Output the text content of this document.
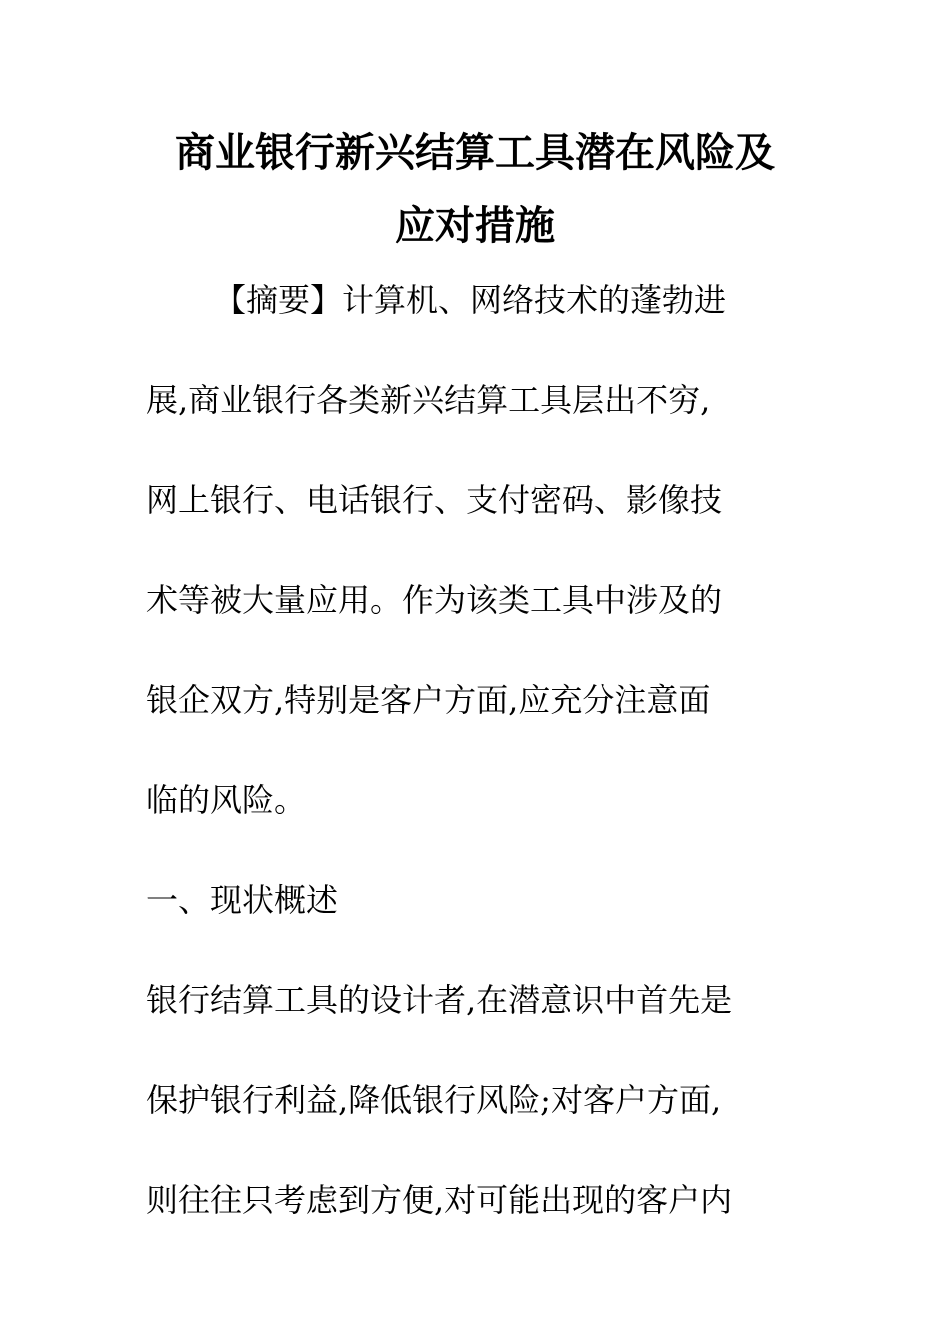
商业银行新兴结算工具潜在风险及
应对措施

【摘要】计算机、网络技术的蓬勃进

展,商业银行各类新兴结算工具层出不穷,

网上银行、电话银行、支付密码、影像技

术等被大量应用。作为该类工具中涉及的

银企双方,特别是客户方面,应充分注意面

临的风险。

一、现状概述

银行结算工具的设计者,在潜意识中首先是

保护银行利益,降低银行风险;对客户方面,

则往往只考虑到方便,对可能出现的客户内
